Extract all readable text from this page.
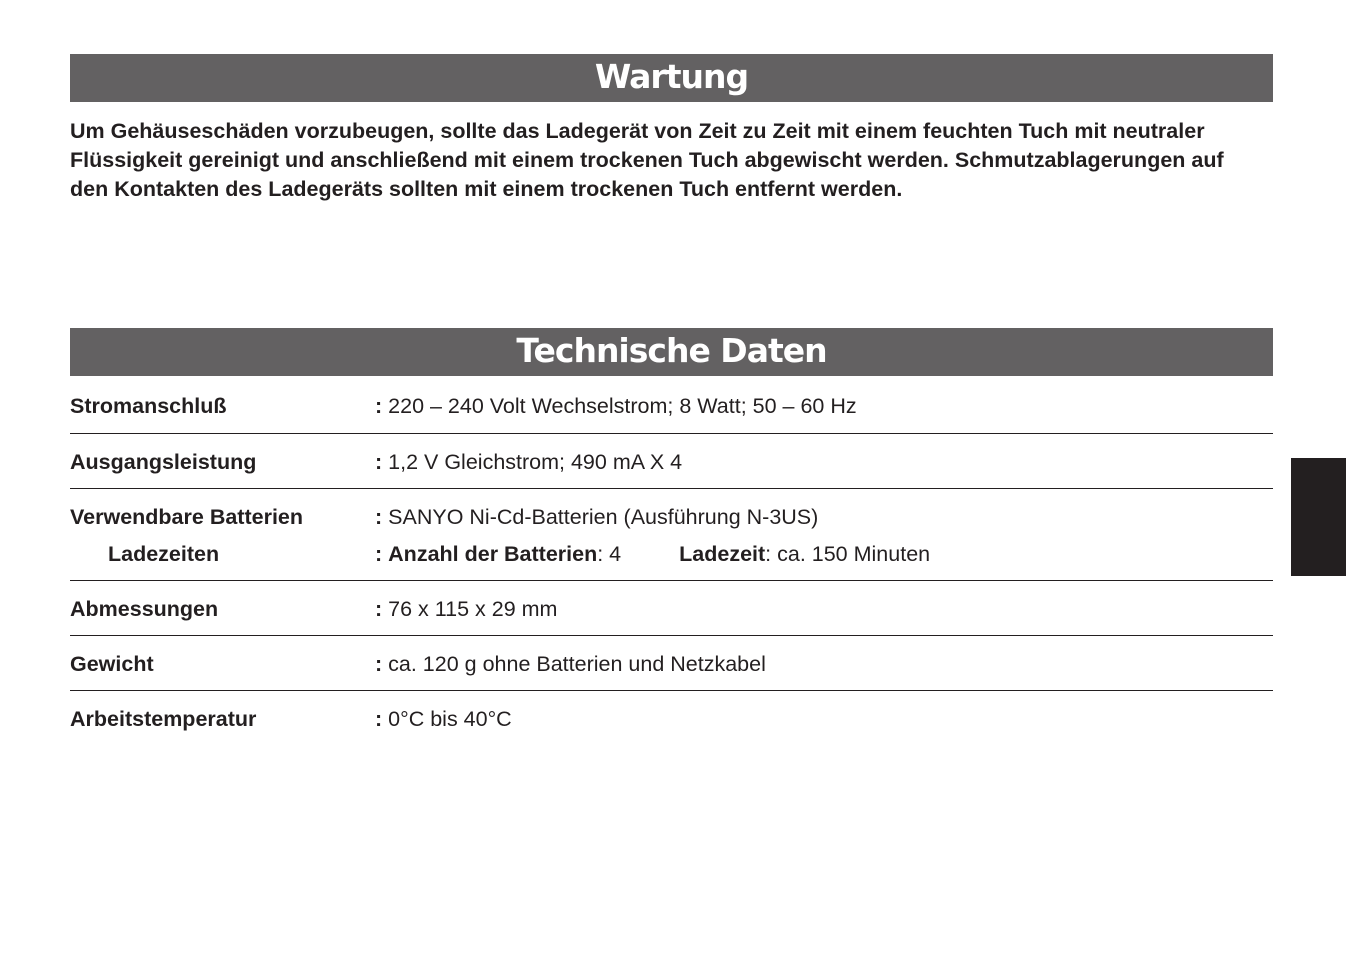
Wartung
Um Gehäuseschäden vorzubeugen, sollte das Ladegerät von Zeit zu Zeit mit einem feuchten Tuch mit neutraler Flüssigkeit gereinigt und anschließend mit einem trockenen Tuch abgewischt werden. Schmutzablagerungen auf den Kontakten des Ladegeräts sollten mit einem trockenen Tuch entfernt werden.
Technische Daten
Stromanschluß	: 220 – 240 Volt Wechselstrom; 8 Watt; 50 – 60 Hz
Ausgangsleistung	: 1,2 V Gleichstrom; 490 mA X 4
Verwendbare Batterien	: SANYO Ni-Cd-Batterien (Ausführung N-3US)
Ladezeiten	: Anzahl der Batterien: 4	Ladezeit: ca. 150 Minuten
Abmessungen	: 76 x 115 x 29 mm
Gewicht	: ca. 120 g ohne Batterien und Netzkabel
Arbeitstemperatur	: 0°C bis 40°C
